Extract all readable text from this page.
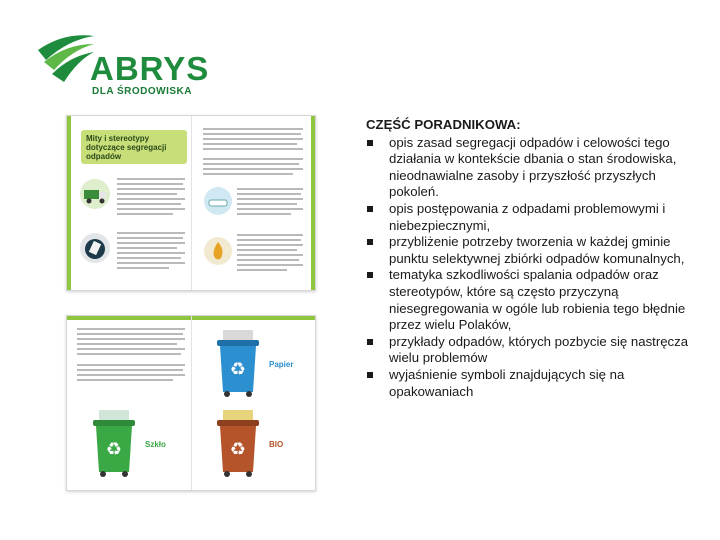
ABRYS
DLA ŚRODOWISKA
Mity i stereotypy dotyczące segregacji odpadów
♻	Papier
♻	Szkło	♻	BIO
CZĘŚĆ PORADNIKOWA:
opis zasad segregacji odpadów i celowości tego działania w kontekście dbania o stan środowiska, nieodnawialne zasoby i przyszłość przyszłych pokoleń.
opis postępowania z odpadami problemowymi i niebezpiecznymi,
przybliżenie potrzeby tworzenia w każdej gminie punktu selektywnej zbiórki odpadów komunalnych,
tematyka szkodliwości spalania odpadów oraz stereotypów, które są często przyczyną niesegregowania w ogóle lub robienia tego błędnie przez wielu Polaków,
przykłady odpadów, których pozbycie się nastręcza wielu problemów
wyjaśnienie symboli znajdujących się na opakowaniach
